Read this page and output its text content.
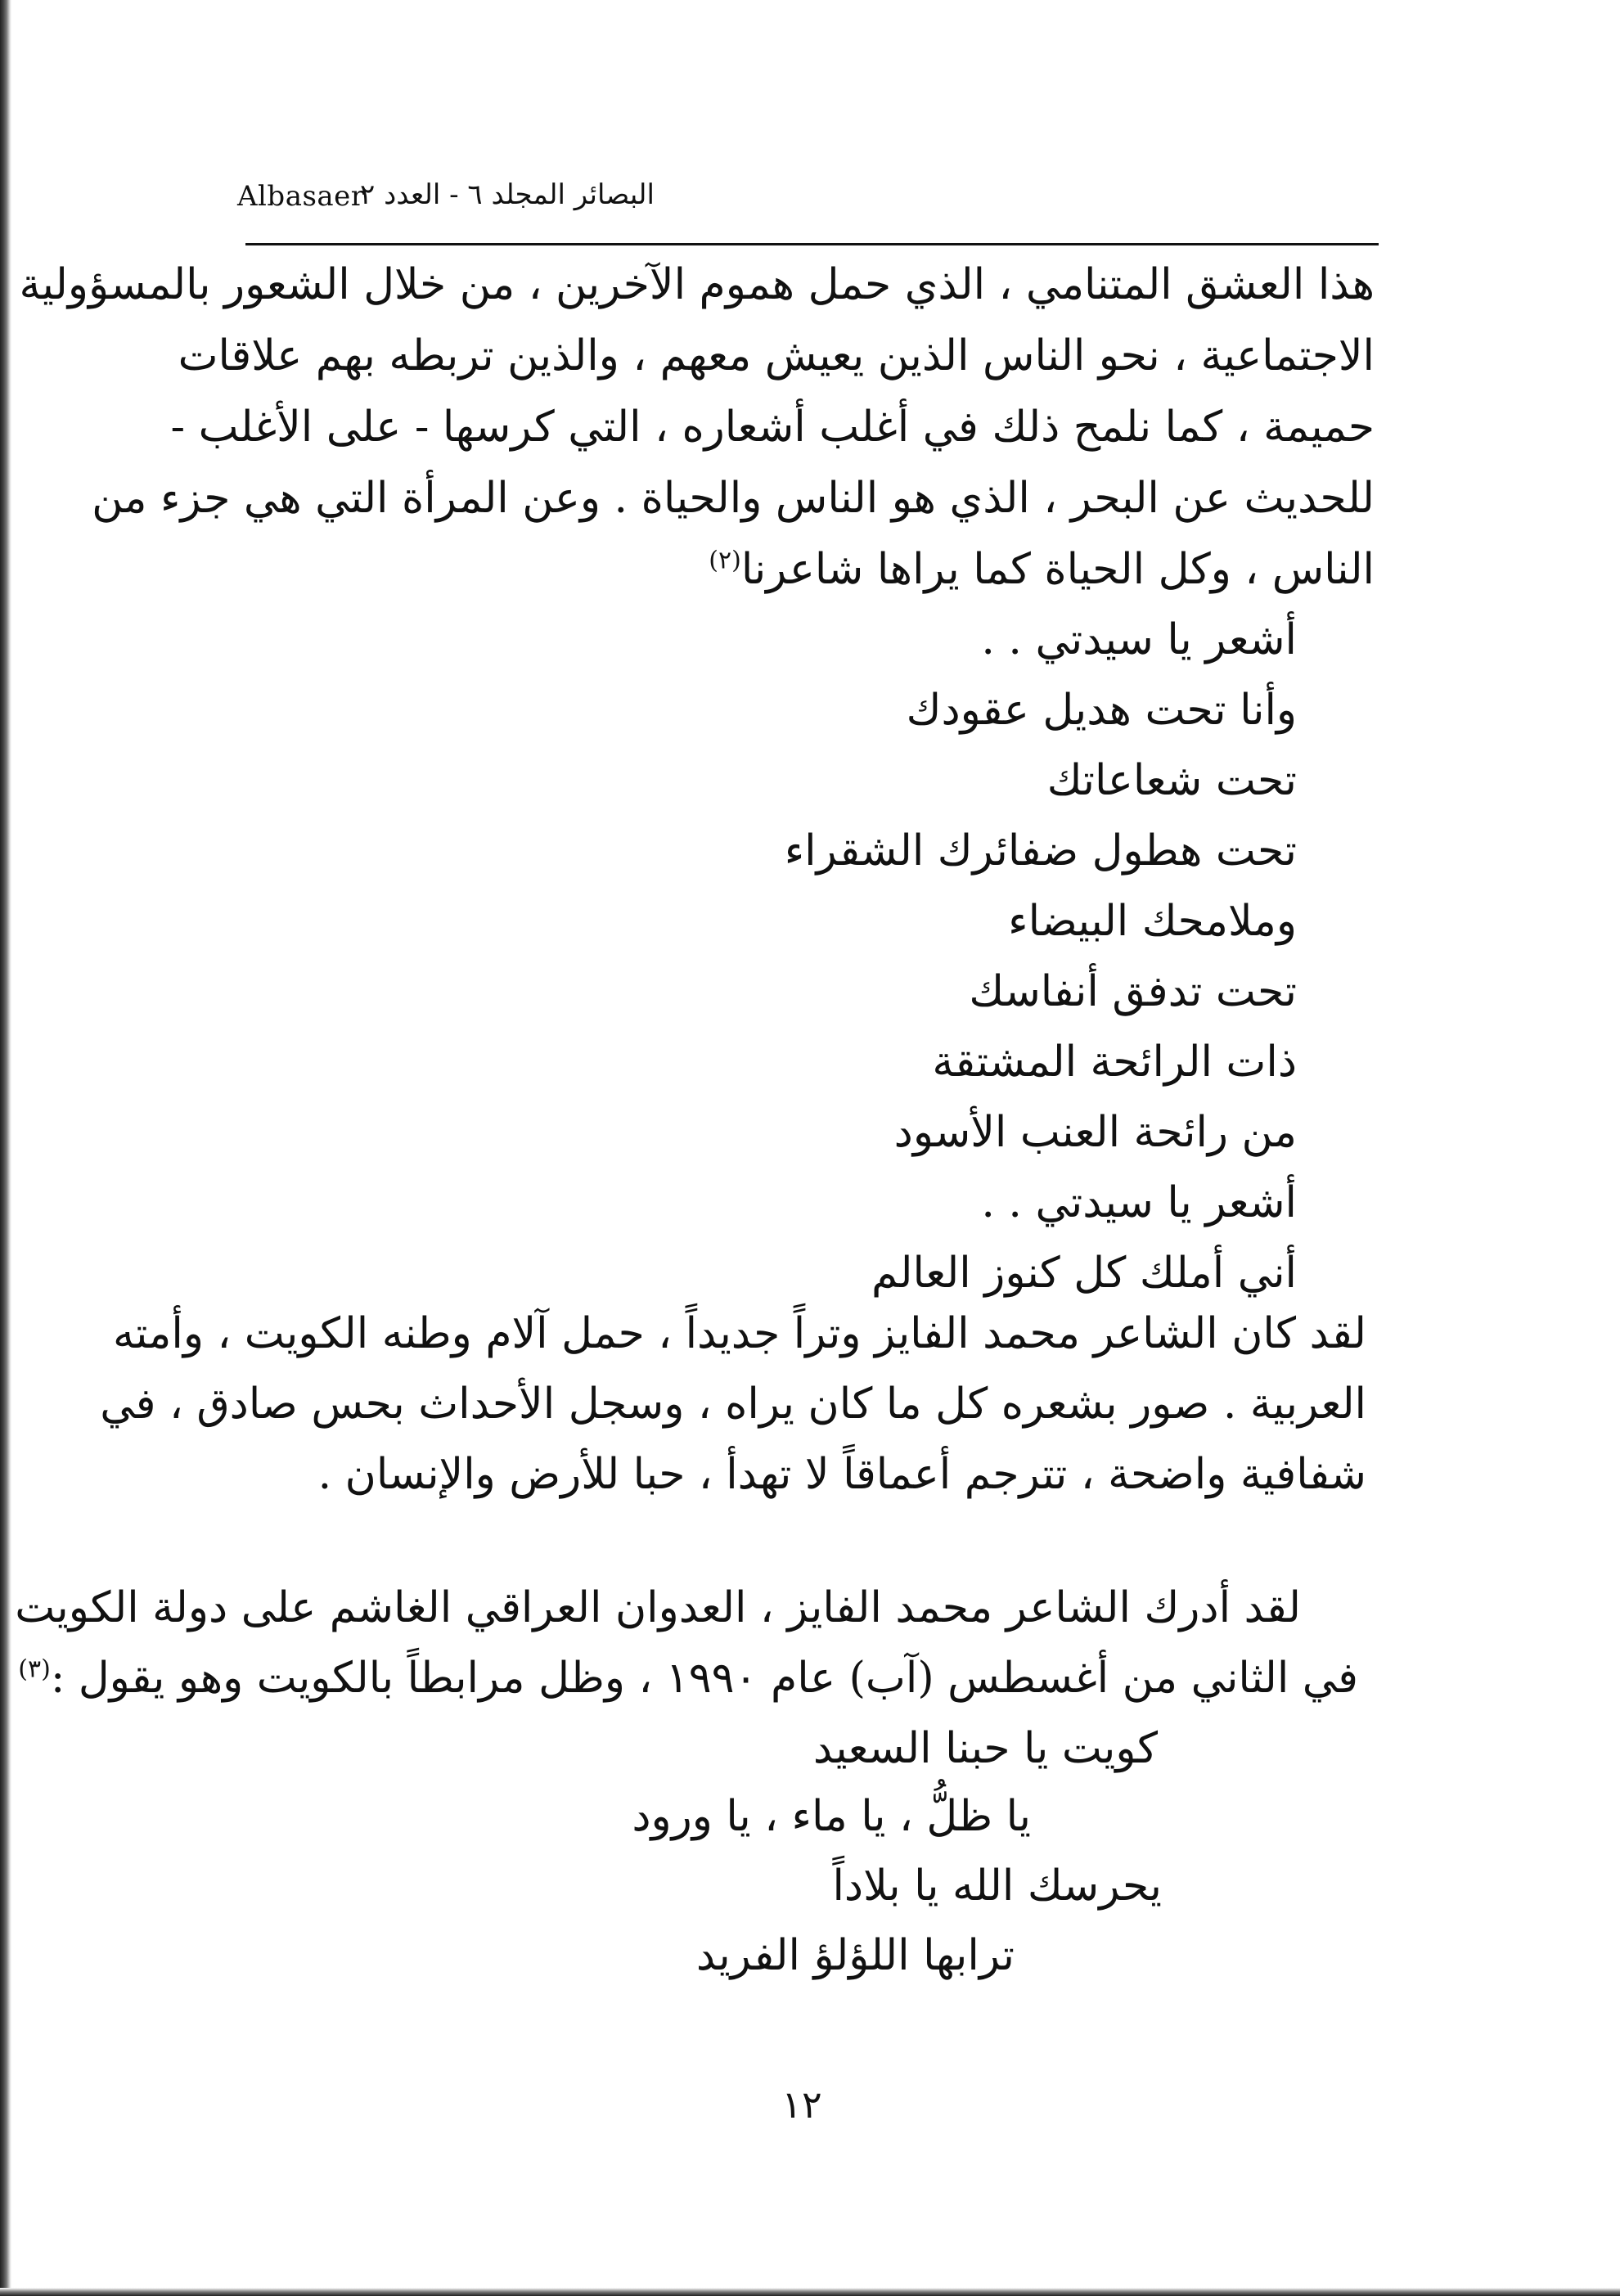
Albasaer
البصائر المجلد ٦ - العدد ٢
هذا العشق المتنامي ، الذي حمل هموم الآخرين ، من خلال الشعور بالمسؤولية
الاجتماعية ، نحو الناس الذين يعيش معهم ، والذين تربطه بهم علاقات
حميمة ، كما نلمح ذلك في أغلب أشعاره ، التي كرسها - على الأغلب -
للحديث عن البحر ، الذي هو الناس والحياة . وعن المرأة التي هي جزء من
الناس ، وكل الحياة كما يراها شاعرنا$^{(٢)}$
أشعر يا سيدتي . .
وأنا تحت هديل عقودك
تحت شعاعاتك
تحت هطول ضفائرك الشقراء
وملامحك البيضاء
تحت تدفق أنفاسك
ذات الرائحة المشتقة
من رائحة العنب الأسود
أشعر يا سيدتي . .
أني أملك كل كنوز العالم
لقد كان الشاعر محمد الفايز وتراً جديداً ، حمل آلام وطنه الكويت ، وأمته
العربية . صور بشعره كل ما كان يراه ، وسجل الأحداث بحس صادق ، في
شفافية واضحة ، تترجم أعماقاً لا تهدأ ، حبا للأرض والإنسان .
لقد أدرك الشاعر محمد الفايز ، العدوان العراقي الغاشم على دولة الكويت
في الثاني من أغسطس (آب) عام ١٩٩٠ ، وظل مرابطاً بالكويت وهو يقول :$^{(٣)}$
كويت يا حبنا السعيد
يا ظلُّ ، يا ماء ، يا ورود
يحرسك الله يا بلاداً
ترابها اللؤلؤ الفريد
١٢
